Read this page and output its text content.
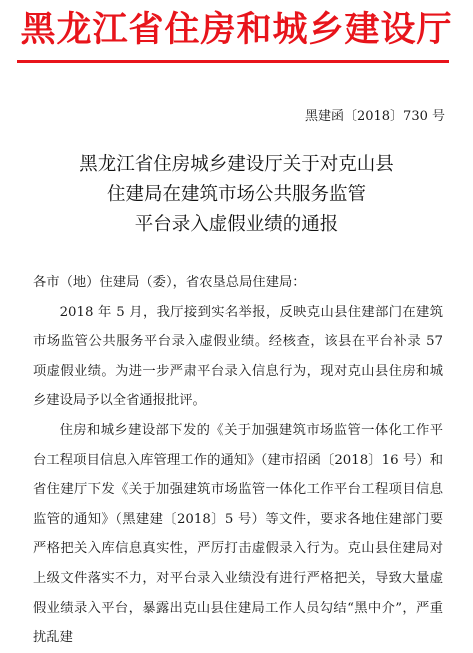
黑龙江省住房和城乡建设厅
黑建函〔2018〕730 号
黑龙江省住房城乡建设厅关于对克山县
住建局在建筑市场公共服务监管
平台录入虚假业绩的通报

各市（地）住建局（委），省农垦总局住建局：

2018 年 5 月，我厅接到实名举报，反映克山县住建部门在建筑市场监管公共服务平台录入虚假业绩。经核查，该县在平台补录 57 项虚假业绩。为进一步严肃平台录入信息行为，现对克山县住房和城乡建设局予以全省通报批评。

住房和城乡建设部下发的《关于加强建筑市场监管一体化工作平台工程项目信息入库管理工作的通知》（建市招函〔2018〕16 号）和省住建厅下发《关于加强建筑市场监管一体化工作平台工程项目信息监管的通知》（黑建建〔2018〕5 号）等文件，要求各地住建部门要严格把关入库信息真实性，严厉打击虚假录入行为。克山县住建局对上级文件落实不力，对平台录入业绩没有进行严格把关，导致大量虚假业绩录入平台，暴露出克山县住建局工作人员勾结“黑中介”，严重扰乱建
